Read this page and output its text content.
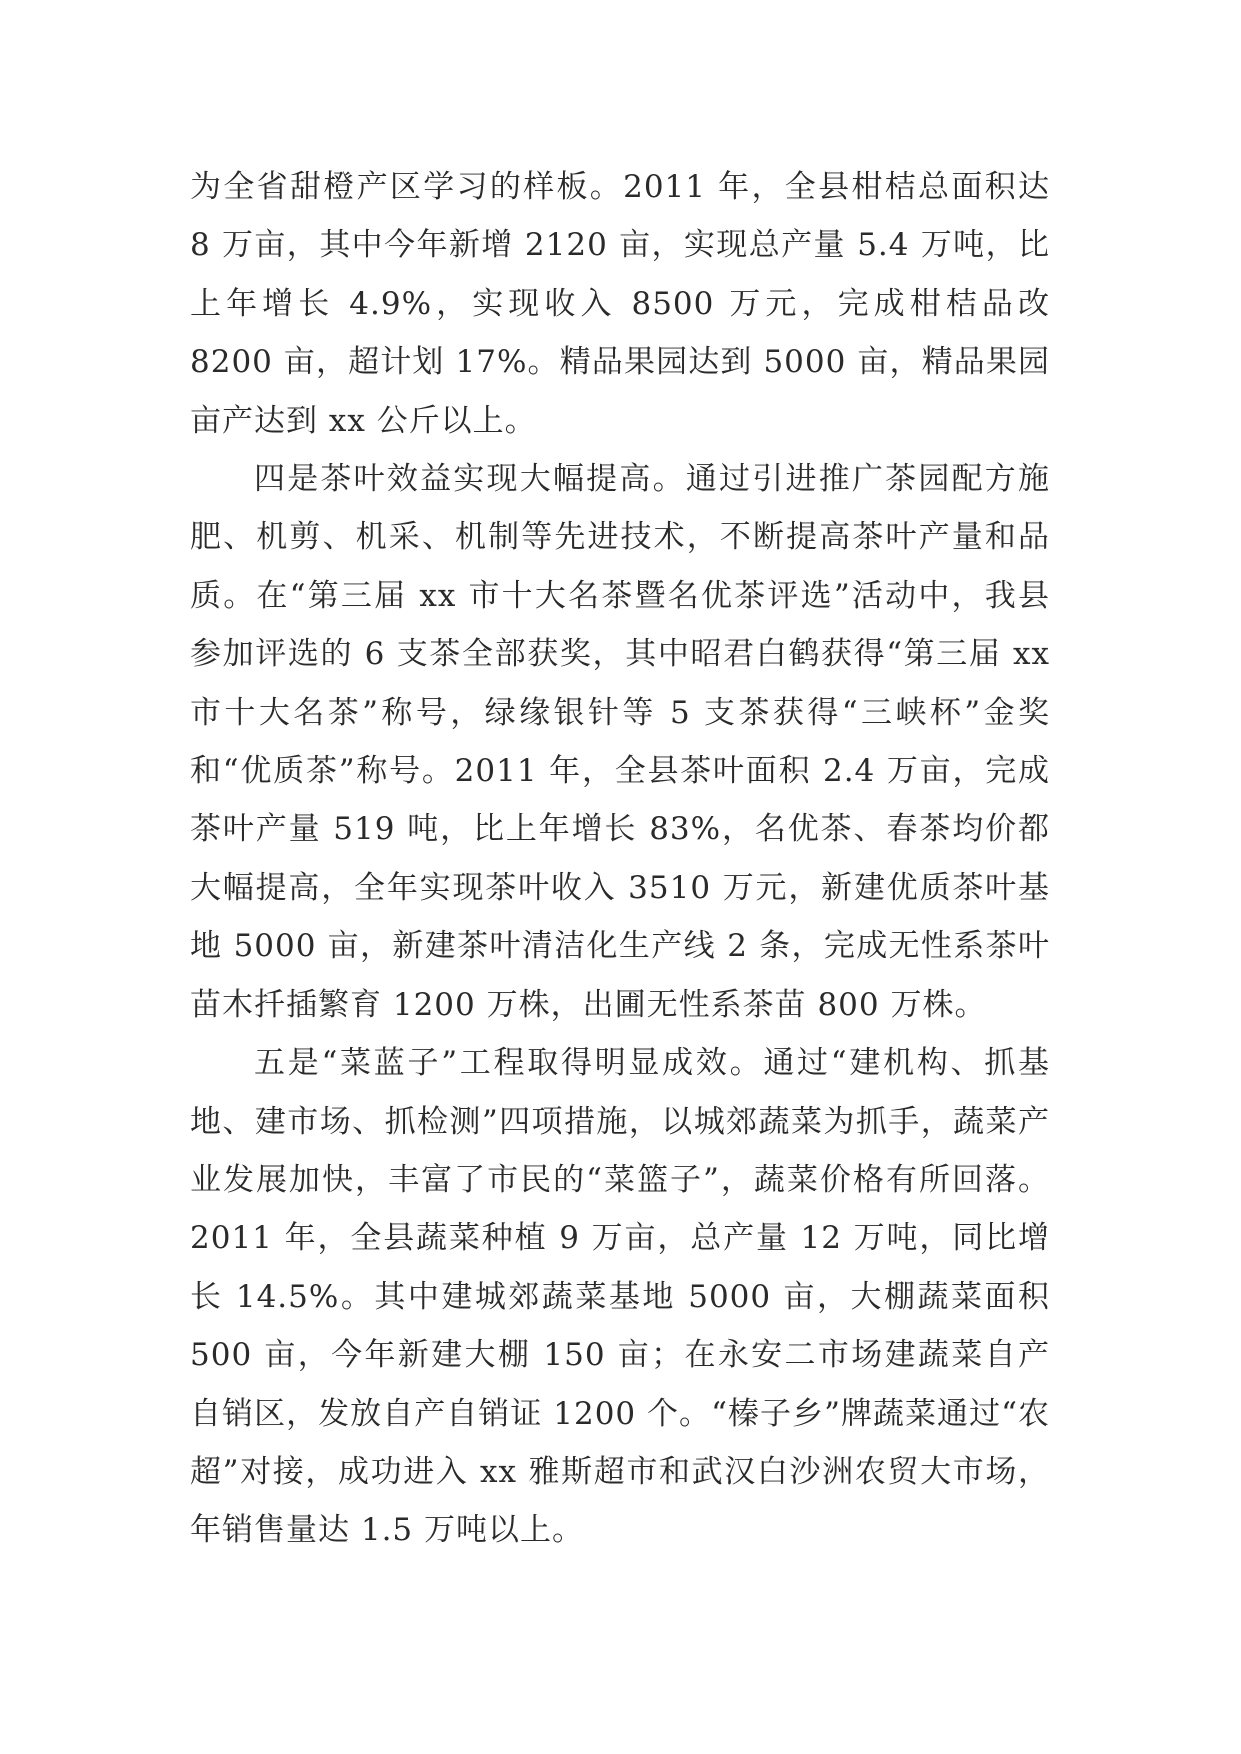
为全省甜橙产区学习的样板。2011 年，全县柑桔总面积达 8 万亩，其中今年新增 2120 亩，实现总产量 5.4 万吨，比上年增长 4.9%，实现收入 8500 万元，完成柑桔品改 8200 亩，超计划 17%。精品果园达到 5000 亩，精品果园亩产达到 xx 公斤以上。

四是茶叶效益实现大幅提高。通过引进推广茶园配方施肥、机剪、机采、机制等先进技术，不断提高茶叶产量和品质。在“第三届 xx 市十大名茶暨名优茶评选”活动中，我县参加评选的 6 支茶全部获奖，其中昭君白鹤获得“第三届 xx 市十大名茶”称号，绿缘银针等 5 支茶获得“三峡杯”金奖和“优质茶”称号。2011 年，全县茶叶面积 2.4 万亩，完成茶叶产量 519 吨，比上年增长 83%，名优茶、春茶均价都大幅提高，全年实现茶叶收入 3510 万元，新建优质茶叶基地 5000 亩，新建茶叶清洁化生产线 2 条，完成无性系茶叶苗木扦插繁育 1200 万株，出圃无性系茶苗 800 万株。

五是“菜蓝子”工程取得明显成效。通过“建机构、抓基地、建市场、抓检测”四项措施，以城郊蔬菜为抓手，蔬菜产业发展加快，丰富了市民的“菜篮子”，蔬菜价格有所回落。2011 年，全县蔬菜种植 9 万亩，总产量 12 万吨，同比增长 14.5%。其中建城郊蔬菜基地 5000 亩，大棚蔬菜面积 500 亩，今年新建大棚 150 亩；在永安二市场建蔬菜自产自销区，发放自产自销证 1200 个。“榛子乡”牌蔬菜通过“农超”对接，成功进入 xx 雅斯超市和武汉白沙洲农贸大市场，年销售量达 1.5 万吨以上。
